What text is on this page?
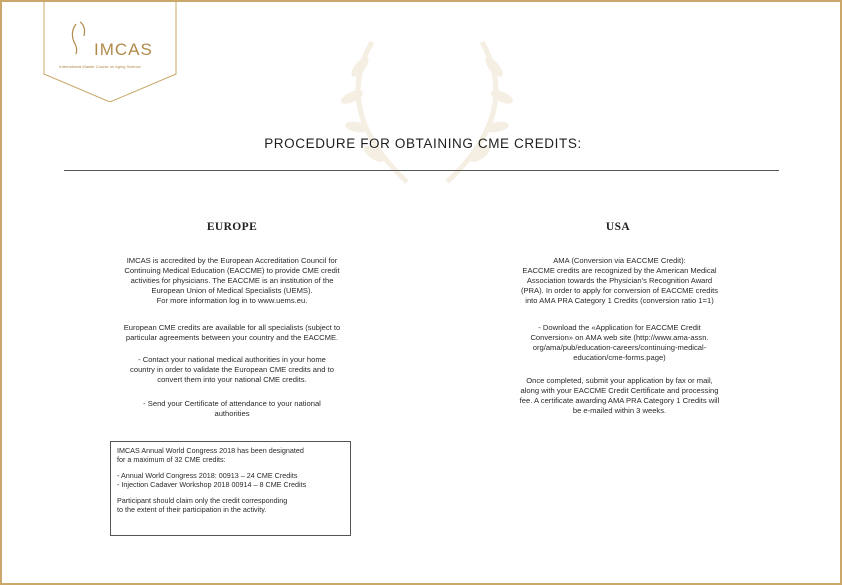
IMCAS
International Master Course on Aging Science
PROCEDURE FOR OBTAINING CME CREDITS:
EUROPE	USA
IMCAS is accredited by the European Accreditation Council for
Continuing Medical Education (EACCME) to provide CME credit
activities for physicians. The EACCME is an institution of the
European Union of Medical Specialists (UEMS).
For more information log in to www.uems.eu.
European CME credits are available for all specialists (subject to
particular agreements between your country and the EACCME.
- Contact your national medical authorities in your home
country in order to validate the European CME credits and to
convert them into your national CME credits.
- Send your Certificate of attendance to your national
authorities
IMCAS Annual World Congress 2018 has been designated
for a maximum of 32 CME credits:
- Annual World Congress 2018: 00913 – 24 CME Credits
- Injection Cadaver Workshop 2018 00914 – 8 CME Credits
Participant should claim only the credit corresponding
to the extent of their participation in the activity.
AMA (Conversion via EACCME Credit):
EACCME credits are recognized by the American Medical
Association towards the Physician's Recognition Award
(PRA). In order to apply for conversion of EACCME credits
into AMA PRA Category 1 Credits (conversion ratio 1=1)
- Download the «Application for EACCME Credit
Conversion» on AMA web site (http://www.ama-assn.
org/ama/pub/education-careers/continuing-medical-
education/cme-forms.page)
Once completed, submit your application by fax or mail,
along with your EACCME Credit Certificate and processing
fee. A certificate awarding AMA PRA Category 1 Credits will
be e-mailed within 3 weeks.
